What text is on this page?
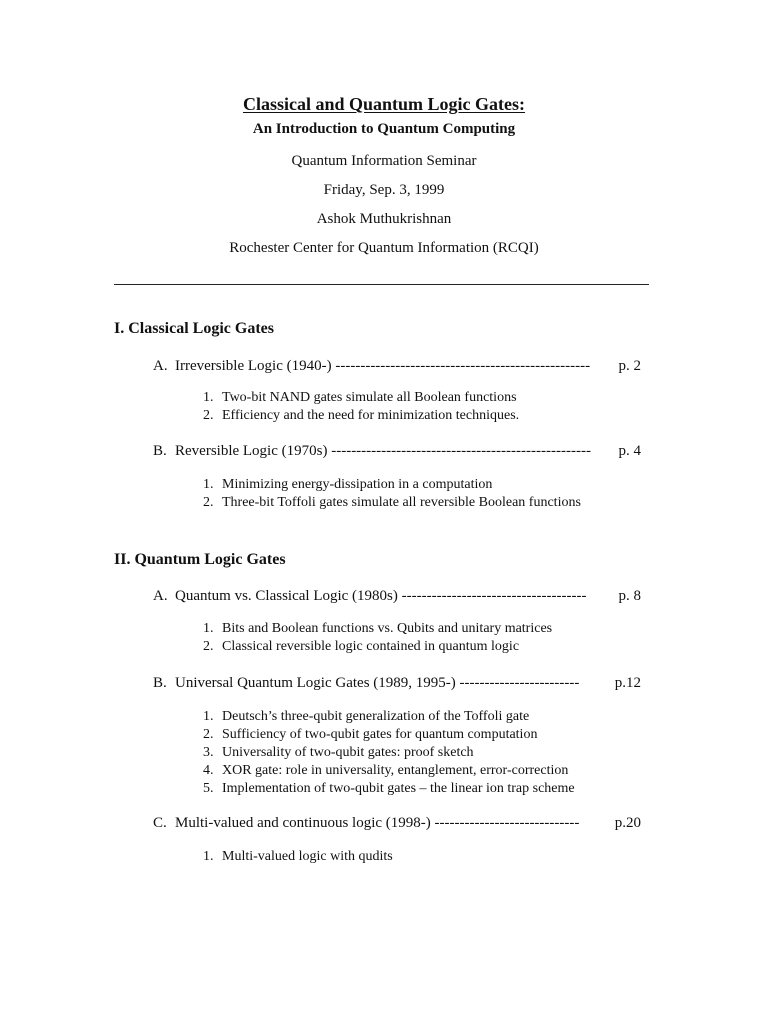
Classical and Quantum Logic Gates:
An Introduction to Quantum Computing
Quantum Information Seminar
Friday, Sep. 3, 1999
Ashok Muthukrishnan
Rochester Center for Quantum Information (RCQI)
I. Classical Logic Gates
A. Irreversible Logic (1940-) --------------------------------------------------- p. 2
1. Two-bit NAND gates simulate all Boolean functions
2. Efficiency and the need for minimization techniques.
B. Reversible Logic (1970s) ---------------------------------------------------- p. 4
1. Minimizing energy-dissipation in a computation
2. Three-bit Toffoli gates simulate all reversible Boolean functions
II. Quantum Logic Gates
A. Quantum vs. Classical Logic (1980s) ------------------------------------- p. 8
1. Bits and Boolean functions vs. Qubits and unitary matrices
2. Classical reversible logic contained in quantum logic
B. Universal Quantum Logic Gates (1989, 1995-) ------------------------ p.12
1. Deutsch’s three-qubit generalization of the Toffoli gate
2. Sufficiency of two-qubit gates for quantum computation
3. Universality of two-qubit gates: proof sketch
4. XOR gate: role in universality, entanglement, error-correction
5. Implementation of two-qubit gates – the linear ion trap scheme
C. Multi-valued and continuous logic (1998-) ----------------------------- p.20
1. Multi-valued logic with qudits
